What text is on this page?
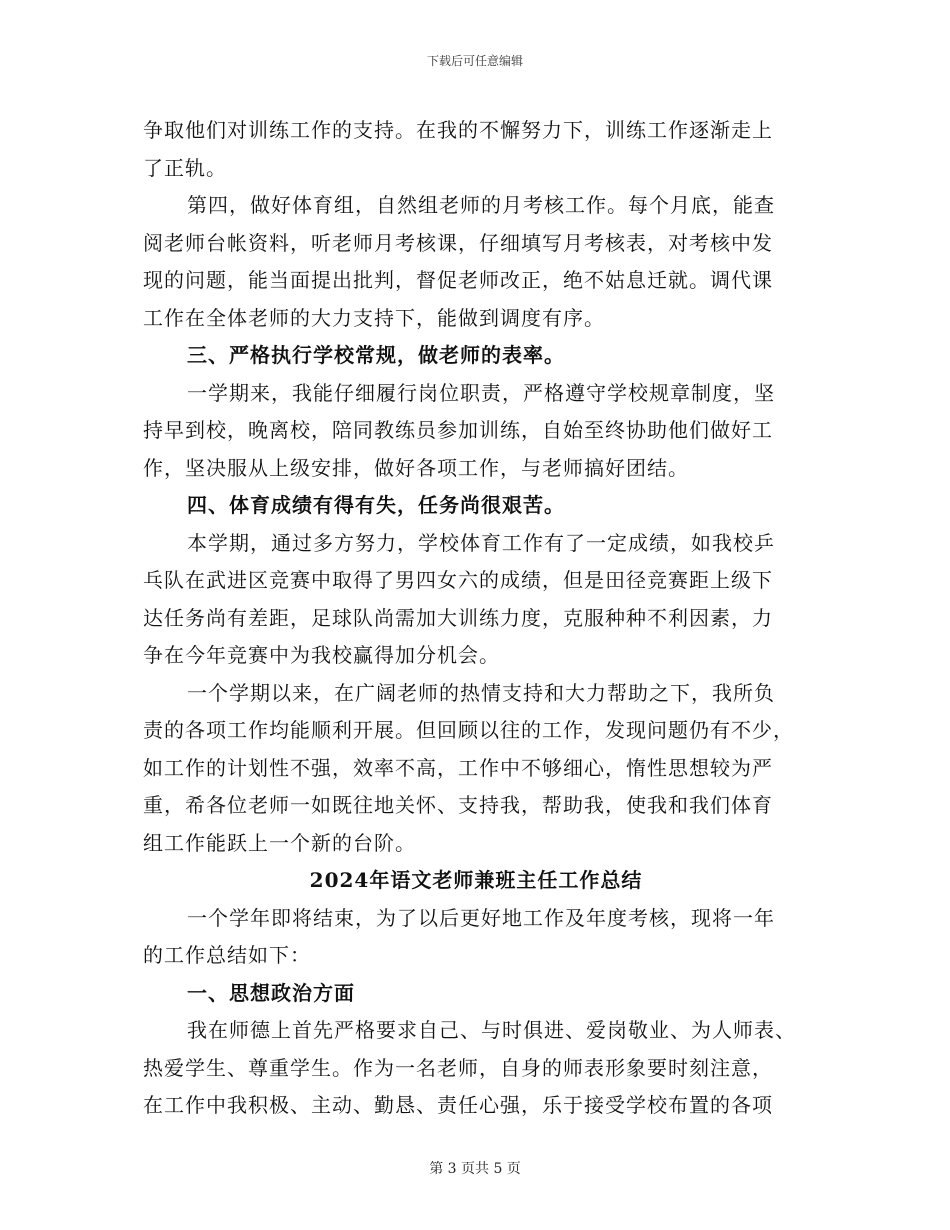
下载后可任意编辑
争取他们对训练工作的支持。在我的不懈努力下，训练工作逐渐走上
了正轨。
第四，做好体育组，自然组老师的月考核工作。每个月底，能查
阅老师台帐资料，听老师月考核课，仔细填写月考核表，对考核中发
现的问题，能当面提出批判，督促老师改正，绝不姑息迁就。调代课
工作在全体老师的大力支持下，能做到调度有序。
三、严格执行学校常规，做老师的表率。
一学期来，我能仔细履行岗位职责，严格遵守学校规章制度，坚
持早到校，晚离校，陪同教练员参加训练，自始至终协助他们做好工
作，坚决服从上级安排，做好各项工作，与老师搞好团结。
四、体育成绩有得有失，任务尚很艰苦。
本学期，通过多方努力，学校体育工作有了一定成绩，如我校乒
乓队在武进区竞赛中取得了男四女六的成绩，但是田径竞赛距上级下
达任务尚有差距，足球队尚需加大训练力度，克服种种不利因素，力
争在今年竞赛中为我校赢得加分机会。
一个学期以来，在广阔老师的热情支持和大力帮助之下，我所负
责的各项工作均能顺利开展。但回顾以往的工作，发现问题仍有不少，
如工作的计划性不强，效率不高，工作中不够细心，惰性思想较为严
重，希各位老师一如既往地关怀、支持我，帮助我，使我和我们体育
组工作能跃上一个新的台阶。
2024年语文老师兼班主任工作总结
一个学年即将结束，为了以后更好地工作及年度考核，现将一年
的工作总结如下：
一、思想政治方面
我在师德上首先严格要求自己、与时俱进、爱岗敬业、为人师表、
热爱学生、尊重学生。作为一名老师，自身的师表形象要时刻注意，
在工作中我积极、主动、勤恳、责任心强，乐于接受学校布置的各项
第 3 页共 5 页
